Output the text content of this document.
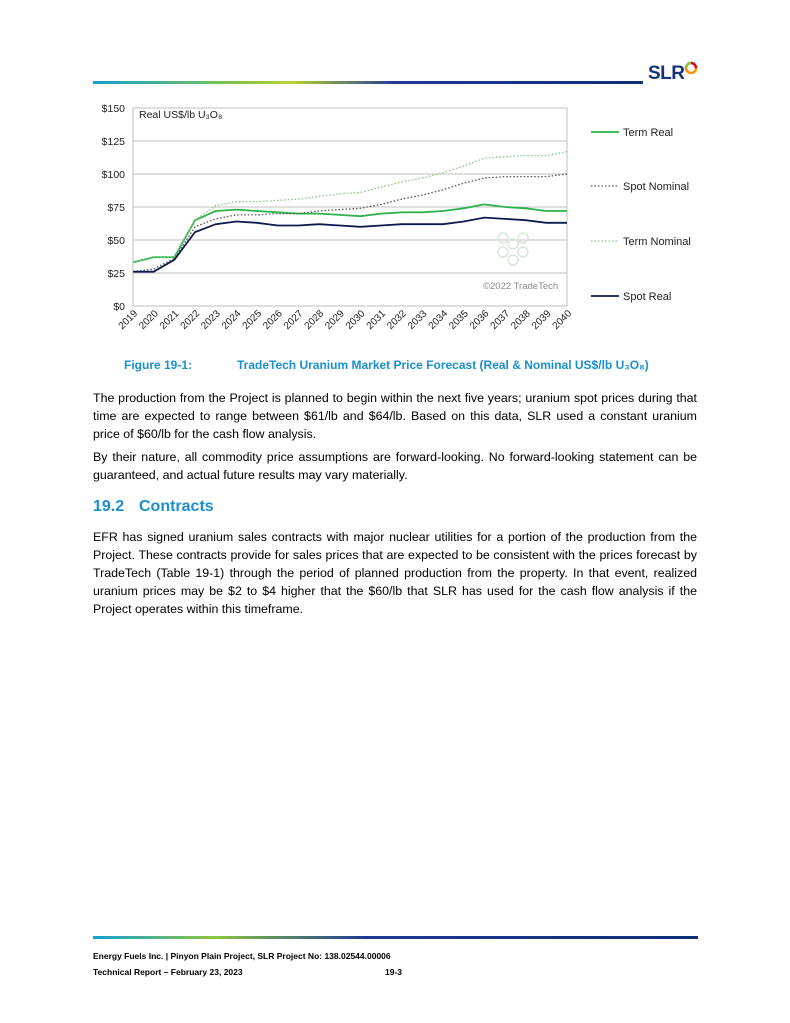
SLR
$0
$25
$50
$75
$100
$125
$150 Real US$/lb U₃O₈
2019
2020
2021
2022
2023
2024
2025
2026
2027
2028
2029
2030
2031
2032
2033
2034
2035
2036
2037
2038
2039
2040
©2022 TradeTech
Term Real
Spot Nominal
Term Nominal
Spot Real
Figure 19-1:	TradeTech Uranium Market Price Forecast (Real & Nominal US$/lb U₃O₈)

The production from the Project is planned to begin within the next five years; uranium spot prices during that time are expected to range between $61/lb and $64/lb. Based on this data, SLR used a constant uranium price of $60/lb for the cash flow analysis.

By their nature, all commodity price assumptions are forward-looking. No forward-looking statement can be guaranteed, and actual future results may vary materially.

19.2 Contracts

EFR has signed uranium sales contracts with major nuclear utilities for a portion of the production from the Project. These contracts provide for sales prices that are expected to be consistent with the prices forecast by TradeTech (Table 19-1) through the period of planned production from the property. In that event, realized uranium prices may be $2 to $4 higher that the $60/lb that SLR has used for the cash flow analysis if the Project operates within this timeframe.

Energy Fuels Inc. | Pinyon Plain Project, SLR Project No: 138.02544.00006
Technical Report – February 23, 2023	19-3
